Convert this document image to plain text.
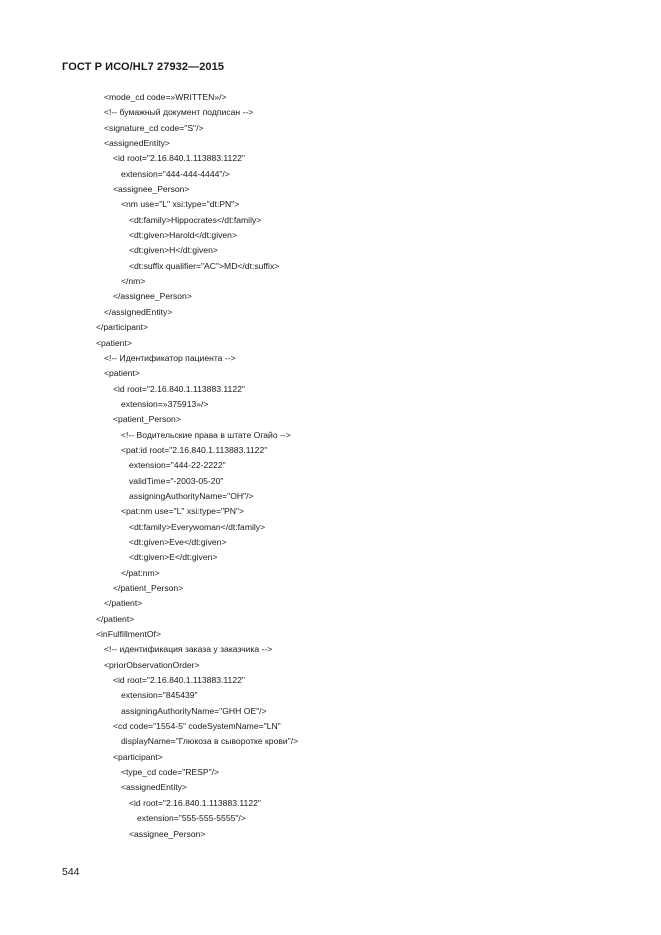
ГОСТ Р ИСО/HL7 27932—2015
<mode_cd code=»WRITTEN»/>
<!-- бумажный документ подписан -->
<signature_cd code="S"/>
<assignedEntity>
<id root="2.16.840.1.113883.1122"
extension="444-444-4444"/>
<assignee_Person>
<nm use="L" xsi:type="dt:PN">
<dt:family>Hippocrates</dt:family>
<dt:given>Harold</dt:given>
<dt:given>H</dt:given>
<dt:suffix qualifier="AC">MD</dt:suffix>
</nm>
</assignee_Person>
</assignedEntity>
</participant>
<patient>
<!-- Идентификатор пациента -->
<patient>
<id root="2.16.840.1.113883.1122"
extension=»375913»/>
<patient_Person>
<!-- Водительские права в штате Огайо -->
<pat:id root="2.16.840.1.113883.1122"
extension="444-22-2222"
validTime="-2003-05-20"
assigningAuthorityName="OH"/>
<pat:nm use="L" xsi:type="PN">
<dt:family>Everywoman</dt:family>
<dt:given>Eve</dt:given>
<dt:given>E</dt:given>
</pat:nm>
</patient_Person>
</patient>
</patient>
<inFulfillmentOf>
<!-- идентификация заказа у заказчика -->
<priorObservationOrder>
<id root="2.16.840.1.113883.1122"
extension="845439"
assigningAuthorityName="GHH OE"/>
<cd code="1554-5" codeSystemName="LN"
displayName="Глюкоза в сыворотке крови"/>
<participant>
<type_cd code="RESP"/>
<assignedEntity>
<id root="2.16.840.1.113883.1122"
extension="555-555-5555"/>
<assignee_Person>
544
